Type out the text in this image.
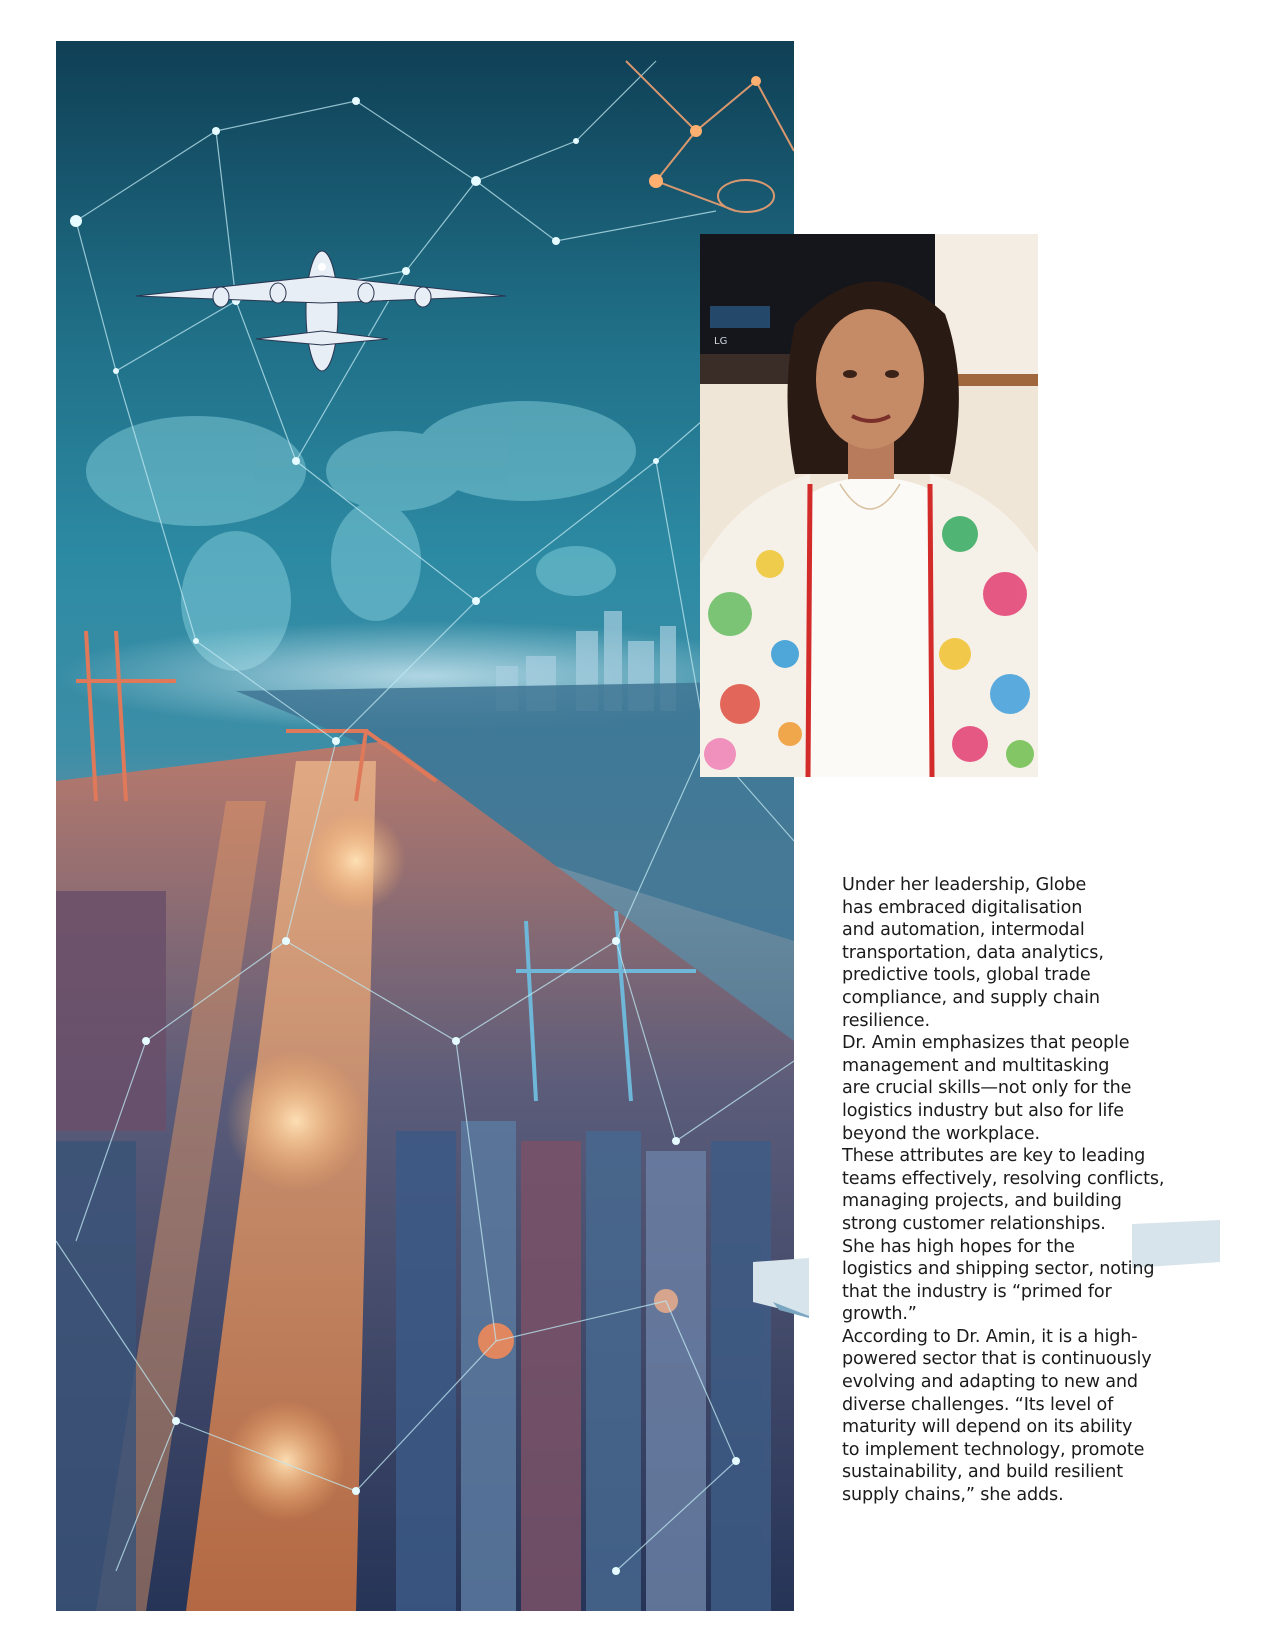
LG

Under her leadership, Globe
has embraced digitalisation
and automation, intermodal
transportation, data analytics,
predictive tools, global trade
compliance, and supply chain
resilience.

Dr. Amin emphasizes that people
management and multitasking
are crucial skills—not only for the
logistics industry but also for life
beyond the workplace.

These attributes are key to leading
teams effectively, resolving conflicts,
managing projects, and building
strong customer relationships.

She has high hopes for the
logistics and shipping sector, noting
that the industry is “primed for
growth.”

According to Dr. Amin, it is a high-
powered sector that is continuously
evolving and adapting to new and
diverse challenges. “Its level of
maturity will depend on its ability
to implement technology, promote
sustainability, and build resilient
supply chains,” she adds.
